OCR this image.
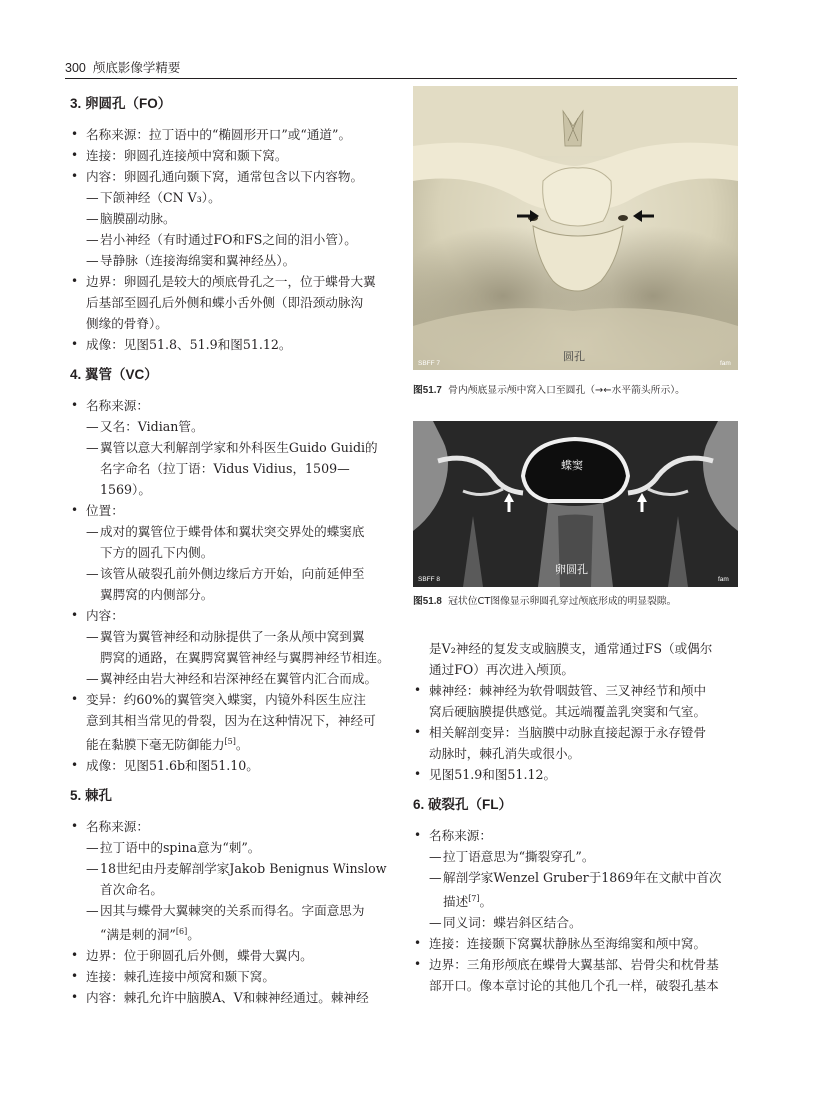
300 颅底影像学精要

3. 卵圆孔（FO）

• 名称来源：拉丁语中的“椭圆形开口”或“通道”。

• 连接：卵圆孔连接颅中窝和颞下窝。

• 内容：卵圆孔通向颞下窝，通常包含以下内容物。

— 下颌神经（CN V₃）。

— 脑膜副动脉。

— 岩小神经（有时通过FO和FS之间的泪小管）。

— 导静脉（连接海绵窦和翼神经丛）。

• 边界：卵圆孔是较大的颅底骨孔之一，位于蝶骨大翼
后基部至圆孔后外侧和蝶小舌外侧（即沿颈动脉沟
侧缘的骨脊）。

• 成像：见图51.8、51.9和图51.12。

4. 翼管（VC）

• 名称来源：

— 又名：Vidian管。

— 翼管以意大利解剖学家和外科医生Guido Guidi的
名字命名（拉丁语：Vidus Vidius，1509—1569）。

• 位置：

— 成对的翼管位于蝶骨体和翼状突交界处的蝶窦底
下方的圆孔下内侧。

— 该管从破裂孔前外侧边缘后方开始，向前延伸至
翼腭窝的内侧部分。

• 内容：

— 翼管为翼管神经和动脉提供了一条从颅中窝到翼
腭窝的通路，在翼腭窝翼管神经与翼腭神经节相连。

— 翼神经由岩大神经和岩深神经在翼管内汇合而成。

• 变异：约60%的翼管突入蝶窦，内镜外科医生应注
意到其相当常见的骨裂，因为在这种情况下，神经可
能在黏膜下毫无防御能力[5]。

• 成像：见图51.6b和图51.10。

5. 棘孔

• 名称来源：

— 拉丁语中的spina意为“刺”。

— 18世纪由丹麦解剖学家Jakob Benignus Winslow
首次命名。

— 因其与蝶骨大翼棘突的关系而得名。字面意思为
“满是刺的洞”[6]。

• 边界：位于卵圆孔后外侧，蝶骨大翼内。

• 连接：棘孔连接中颅窝和颞下窝。

• 内容：棘孔允许中脑膜A、V和棘神经通过。棘神经

圆孔
SBFF 7	fam
图51.7 骨内颅底显示颅中窝入口至圆孔（→←水平箭头所示）。
蝶窦
卵圆孔
SBFF 8	fam
图51.8 冠状位CT图像显示卵圆孔穿过颅底形成的明显裂隙。

是V₂神经的复发支或脑膜支，通常通过FS（或偶尔
通过FO）再次进入颅顶。

• 棘神经：棘神经为软骨咽鼓管、三叉神经节和颅中
窝后硬脑膜提供感觉。其远端覆盖乳突窦和气室。

• 相关解剖变异：当脑膜中动脉直接起源于永存镫骨
动脉时，棘孔消失或很小。

• 见图51.9和图51.12。

6. 破裂孔（FL）

• 名称来源：

— 拉丁语意思为“撕裂穿孔”。

— 解剖学家Wenzel Gruber于1869年在文献中首次
描述[7]。

— 同义词：蝶岩斜区结合。

• 连接：连接颞下窝翼状静脉丛至海绵窦和颅中窝。

• 边界：三角形颅底在蝶骨大翼基部、岩骨尖和枕骨基
部开口。像本章讨论的其他几个孔一样，破裂孔基本
